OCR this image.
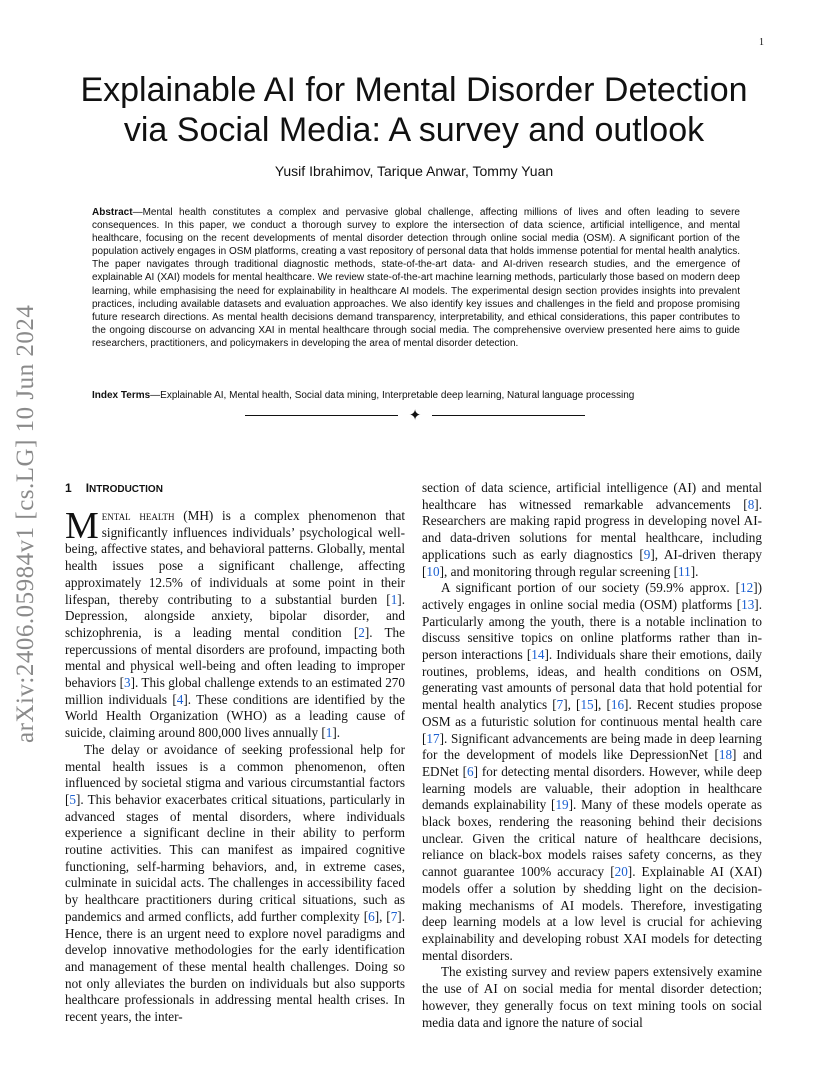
1
arXiv:2406.05984v1 [cs.LG] 10 Jun 2024
Explainable AI for Mental Disorder Detection via Social Media: A survey and outlook
Yusif Ibrahimov, Tarique Anwar, Tommy Yuan
Abstract—Mental health constitutes a complex and pervasive global challenge, affecting millions of lives and often leading to severe consequences. In this paper, we conduct a thorough survey to explore the intersection of data science, artificial intelligence, and mental healthcare, focusing on the recent developments of mental disorder detection through online social media (OSM). A significant portion of the population actively engages in OSM platforms, creating a vast repository of personal data that holds immense potential for mental health analytics. The paper navigates through traditional diagnostic methods, state-of-the-art data- and AI-driven research studies, and the emergence of explainable AI (XAI) models for mental healthcare. We review state-of-the-art machine learning methods, particularly those based on modern deep learning, while emphasising the need for explainability in healthcare AI models. The experimental design section provides insights into prevalent practices, including available datasets and evaluation approaches. We also identify key issues and challenges in the field and propose promising future research directions. As mental health decisions demand transparency, interpretability, and ethical considerations, this paper contributes to the ongoing discourse on advancing XAI in mental healthcare through social media. The comprehensive overview presented here aims to guide researchers, practitioners, and policymakers in developing the area of mental disorder detection.
Index Terms—Explainable AI, Mental health, Social data mining, Interpretable deep learning, Natural language processing
✦
1 INTRODUCTION

Mental health (MH) is a complex phenomenon that significantly influences individuals’ psychological well-being, affective states, and behavioral patterns. Globally, mental health issues pose a significant challenge, affecting approximately 12.5% of individuals at some point in their lifespan, thereby contributing to a substantial burden [1]. Depression, alongside anxiety, bipolar disorder, and schizophrenia, is a leading mental condition [2]. The repercussions of mental disorders are profound, impacting both mental and physical well-being and often leading to improper behaviors [3]. This global challenge extends to an estimated 270 million individuals [4]. These conditions are identified by the World Health Organization (WHO) as a leading cause of suicide, claiming around 800,000 lives annually [1].

The delay or avoidance of seeking professional help for mental health issues is a common phenomenon, often influenced by societal stigma and various circumstantial factors [5]. This behavior exacerbates critical situations, particularly in advanced stages of mental disorders, where individuals experience a significant decline in their ability to perform routine activities. This can manifest as impaired cognitive functioning, self-harming behaviors, and, in extreme cases, culminate in suicidal acts. The challenges in accessibility faced by healthcare practitioners during critical situations, such as pandemics and armed conflicts, add further complexity [6], [7]. Hence, there is an urgent need to explore novel paradigms and develop innovative methodologies for the early identification and management of these mental health challenges. Doing so not only alleviates the burden on individuals but also supports healthcare professionals in addressing mental health crises. In recent years, the inter-

section of data science, artificial intelligence (AI) and mental healthcare has witnessed remarkable advancements [8]. Researchers are making rapid progress in developing novel AI- and data-driven solutions for mental healthcare, including applications such as early diagnostics [9], AI-driven therapy [10], and monitoring through regular screening [11].

A significant portion of our society (59.9% approx. [12]) actively engages in online social media (OSM) platforms [13]. Particularly among the youth, there is a notable inclination to discuss sensitive topics on online platforms rather than in-person interactions [14]. Individuals share their emotions, daily routines, problems, ideas, and health conditions on OSM, generating vast amounts of personal data that hold potential for mental health analytics [7], [15], [16]. Recent studies propose OSM as a futuristic solution for continuous mental health care [17]. Significant advancements are being made in deep learning for the development of models like DepressionNet [18] and EDNet [6] for detecting mental disorders. However, while deep learning models are valuable, their adoption in healthcare demands explainability [19]. Many of these models operate as black boxes, rendering the reasoning behind their decisions unclear. Given the critical nature of healthcare decisions, reliance on black-box models raises safety concerns, as they cannot guarantee 100% accuracy [20]. Explainable AI (XAI) models offer a solution by shedding light on the decision-making mechanisms of AI models. Therefore, investigating deep learning models at a low level is crucial for achieving explainability and developing robust XAI models for detecting mental disorders.

The existing survey and review papers extensively examine the use of AI on social media for mental disorder detection; however, they generally focus on text mining tools on social media data and ignore the nature of social
